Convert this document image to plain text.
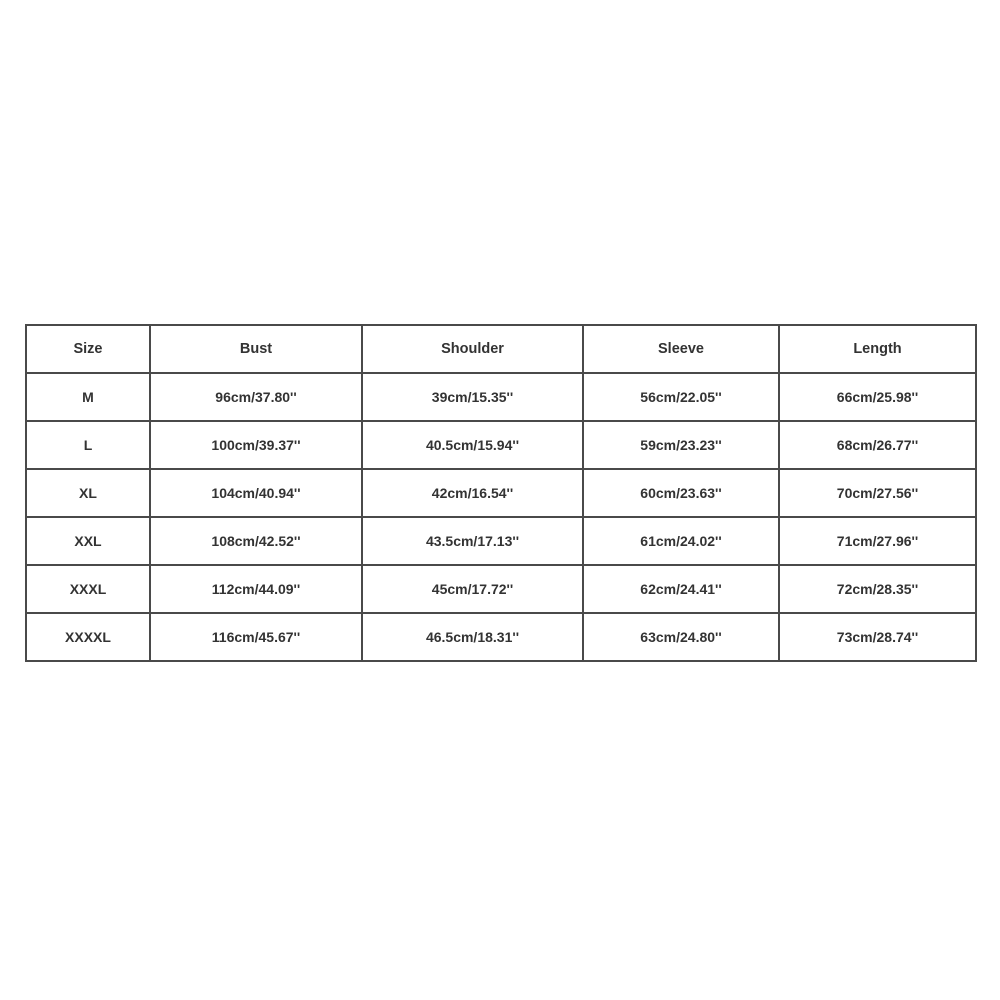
Size	Bust	Shoulder	Sleeve	Length
M	96cm/37.80''	39cm/15.35''	56cm/22.05''	66cm/25.98''
L	100cm/39.37''	40.5cm/15.94''	59cm/23.23''	68cm/26.77''
XL	104cm/40.94''	42cm/16.54''	60cm/23.63''	70cm/27.56''
XXL	108cm/42.52''	43.5cm/17.13''	61cm/24.02''	71cm/27.96''
XXXL	112cm/44.09''	45cm/17.72''	62cm/24.41''	72cm/28.35''
XXXXL	116cm/45.67''	46.5cm/18.31''	63cm/24.80''	73cm/28.74''
